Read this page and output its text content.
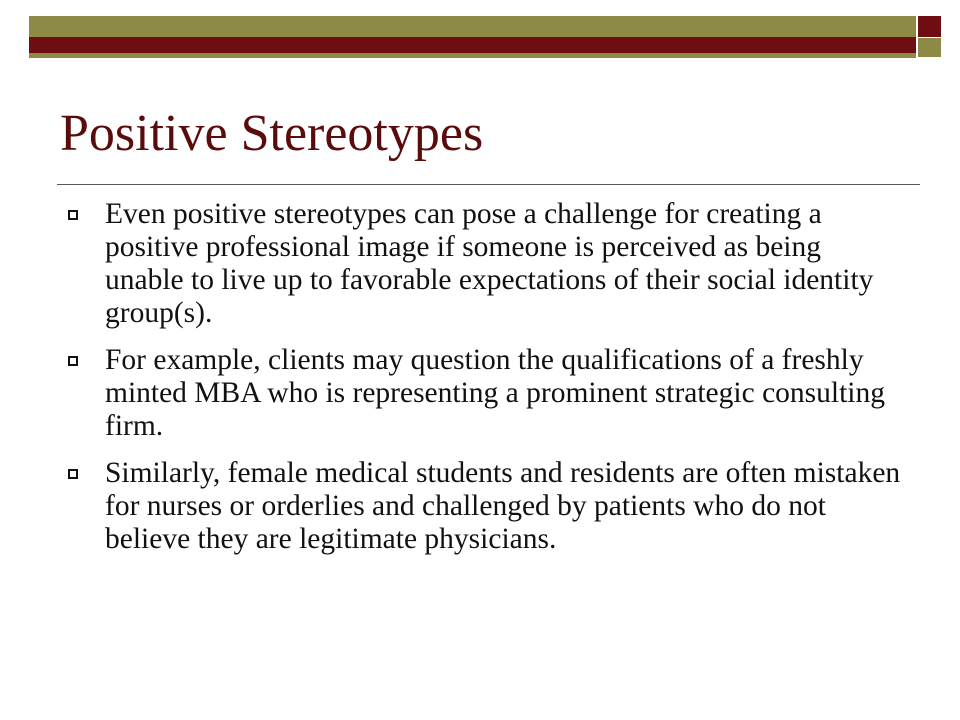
Positive Stereotypes
Even positive stereotypes can pose a challenge for creating a positive professional image if someone is perceived as being unable to live up to favorable expectations of their social identity group(s).
For example, clients may question the qualifications of a freshly minted MBA who is representing a prominent strategic consulting firm.
Similarly, female medical students and residents are often mistaken for nurses or orderlies and challenged by patients who do not believe they are legitimate physicians.
